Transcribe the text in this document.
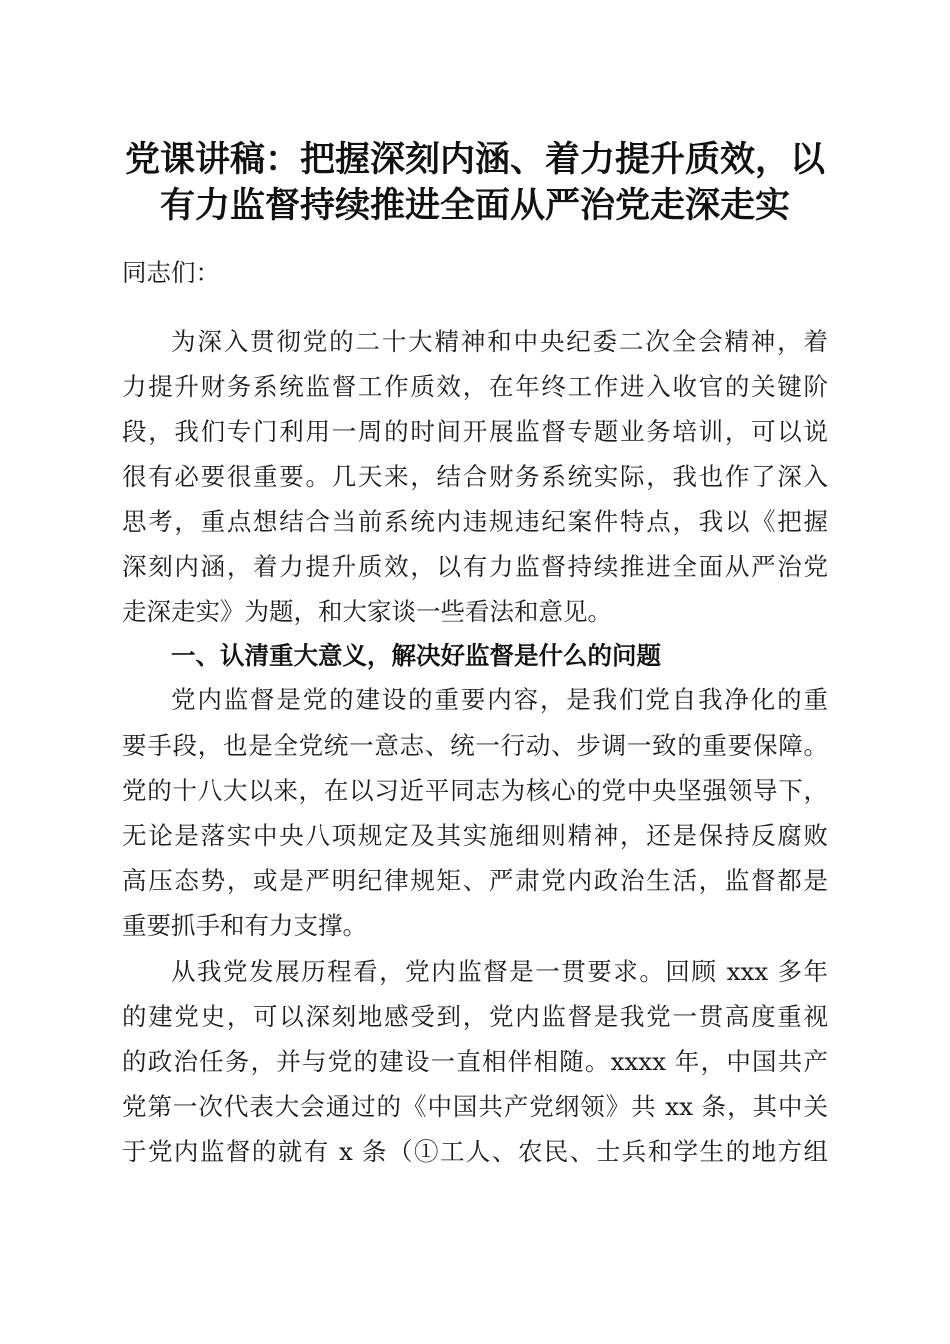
党课讲稿：把握深刻内涵、着力提升质效，以
有力监督持续推进全面从严治党走深走实
同志们：
为深入贯彻党的二十大精神和中央纪委二次全会精神，着
力提升财务系统监督工作质效，在年终工作进入收官的关键阶
段，我们专门利用一周的时间开展监督专题业务培训，可以说
很有必要很重要。几天来，结合财务系统实际，我也作了深入
思考，重点想结合当前系统内违规违纪案件特点，我以《把握
深刻内涵，着力提升质效，以有力监督持续推进全面从严治党
走深走实》为题，和大家谈一些看法和意见。
一、认清重大意义，解决好监督是什么的问题
党内监督是党的建设的重要内容，是我们党自我净化的重
要手段，也是全党统一意志、统一行动、步调一致的重要保障。
党的十八大以来，在以习近平同志为核心的党中央坚强领导下，
无论是落实中央八项规定及其实施细则精神，还是保持反腐败
高压态势，或是严明纪律规矩、严肃党内政治生活，监督都是
重要抓手和有力支撑。
从我党发展历程看，党内监督是一贯要求。回顾 xxx 多年
的建党史，可以深刻地感受到，党内监督是我党一贯高度重视
的政治任务，并与党的建设一直相伴相随。xxxx 年，中国共产
党第一次代表大会通过的《中国共产党纲领》共 xx 条，其中关
于党内监督的就有 x 条（①工人、农民、士兵和学生的地方组
